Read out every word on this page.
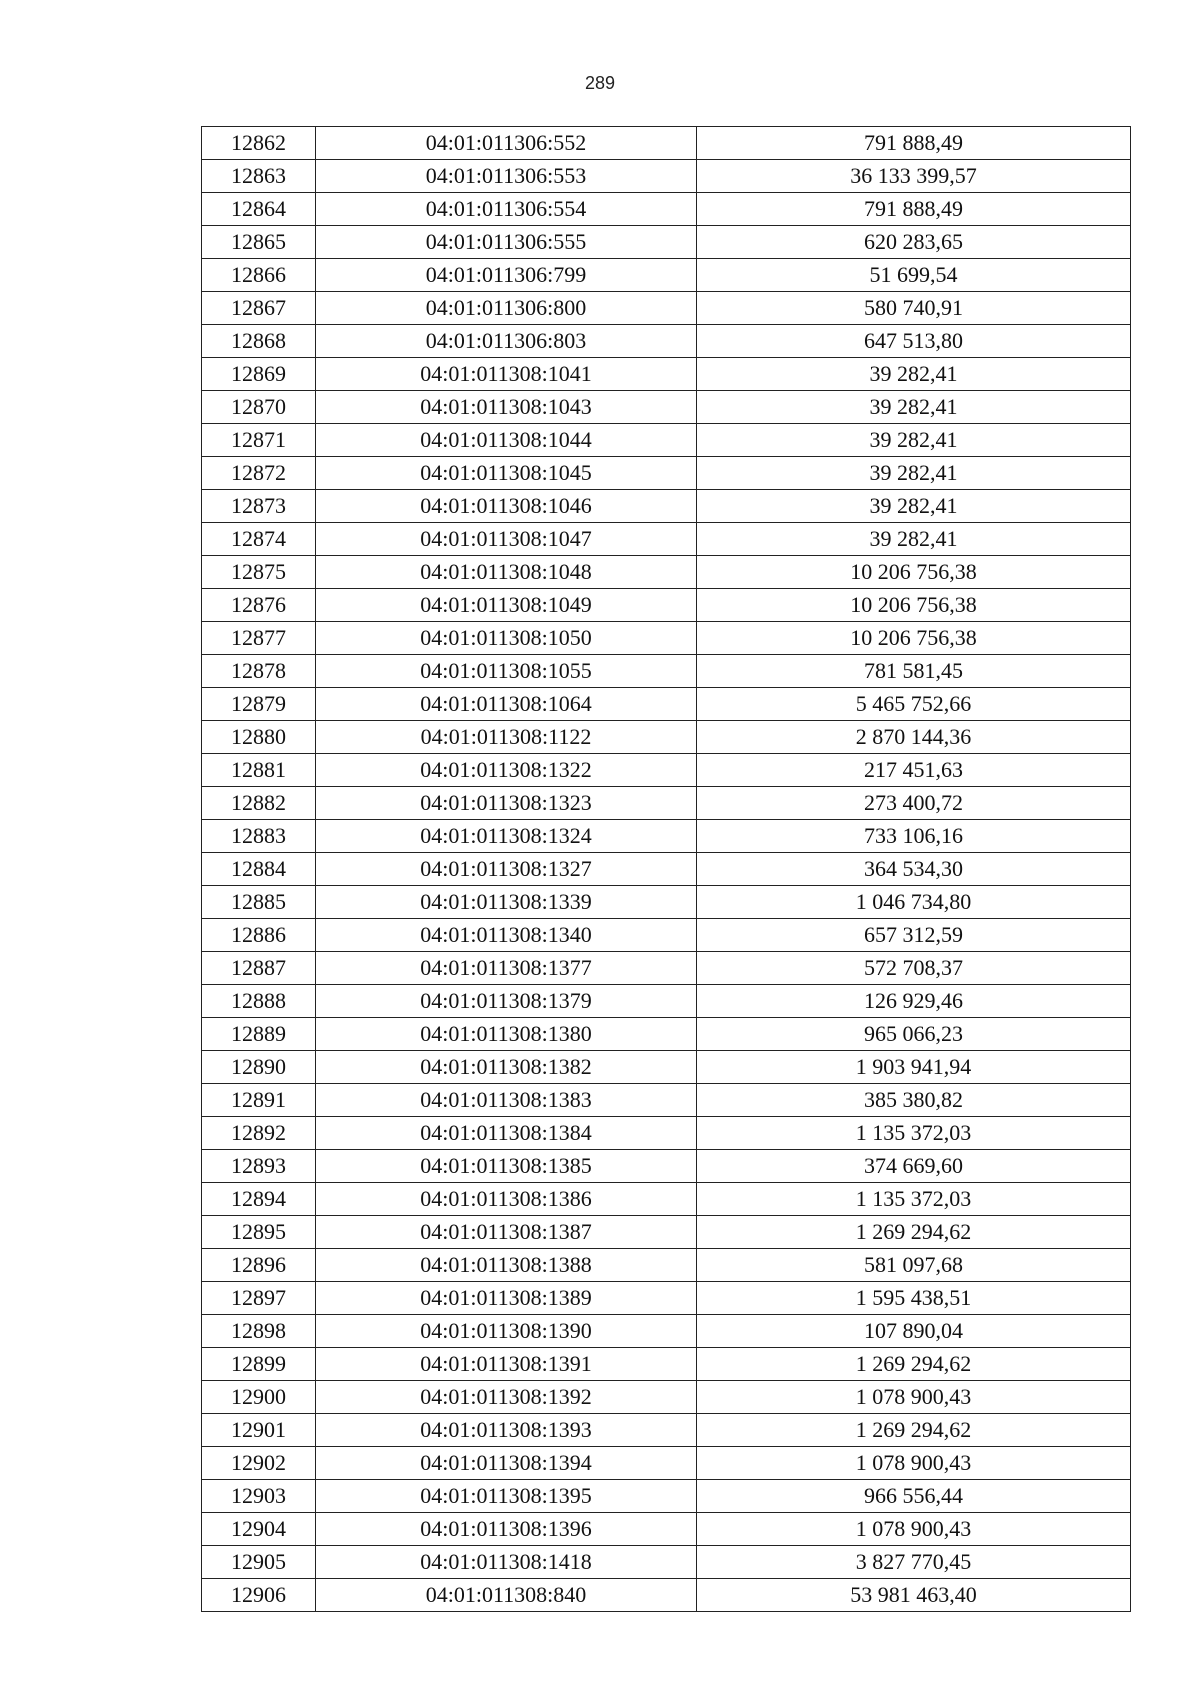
289
12862	04:01:011306:552	791 888,49
12863	04:01:011306:553	36 133 399,57
12864	04:01:011306:554	791 888,49
12865	04:01:011306:555	620 283,65
12866	04:01:011306:799	51 699,54
12867	04:01:011306:800	580 740,91
12868	04:01:011306:803	647 513,80
12869	04:01:011308:1041	39 282,41
12870	04:01:011308:1043	39 282,41
12871	04:01:011308:1044	39 282,41
12872	04:01:011308:1045	39 282,41
12873	04:01:011308:1046	39 282,41
12874	04:01:011308:1047	39 282,41
12875	04:01:011308:1048	10 206 756,38
12876	04:01:011308:1049	10 206 756,38
12877	04:01:011308:1050	10 206 756,38
12878	04:01:011308:1055	781 581,45
12879	04:01:011308:1064	5 465 752,66
12880	04:01:011308:1122	2 870 144,36
12881	04:01:011308:1322	217 451,63
12882	04:01:011308:1323	273 400,72
12883	04:01:011308:1324	733 106,16
12884	04:01:011308:1327	364 534,30
12885	04:01:011308:1339	1 046 734,80
12886	04:01:011308:1340	657 312,59
12887	04:01:011308:1377	572 708,37
12888	04:01:011308:1379	126 929,46
12889	04:01:011308:1380	965 066,23
12890	04:01:011308:1382	1 903 941,94
12891	04:01:011308:1383	385 380,82
12892	04:01:011308:1384	1 135 372,03
12893	04:01:011308:1385	374 669,60
12894	04:01:011308:1386	1 135 372,03
12895	04:01:011308:1387	1 269 294,62
12896	04:01:011308:1388	581 097,68
12897	04:01:011308:1389	1 595 438,51
12898	04:01:011308:1390	107 890,04
12899	04:01:011308:1391	1 269 294,62
12900	04:01:011308:1392	1 078 900,43
12901	04:01:011308:1393	1 269 294,62
12902	04:01:011308:1394	1 078 900,43
12903	04:01:011308:1395	966 556,44
12904	04:01:011308:1396	1 078 900,43
12905	04:01:011308:1418	3 827 770,45
12906	04:01:011308:840	53 981 463,40
